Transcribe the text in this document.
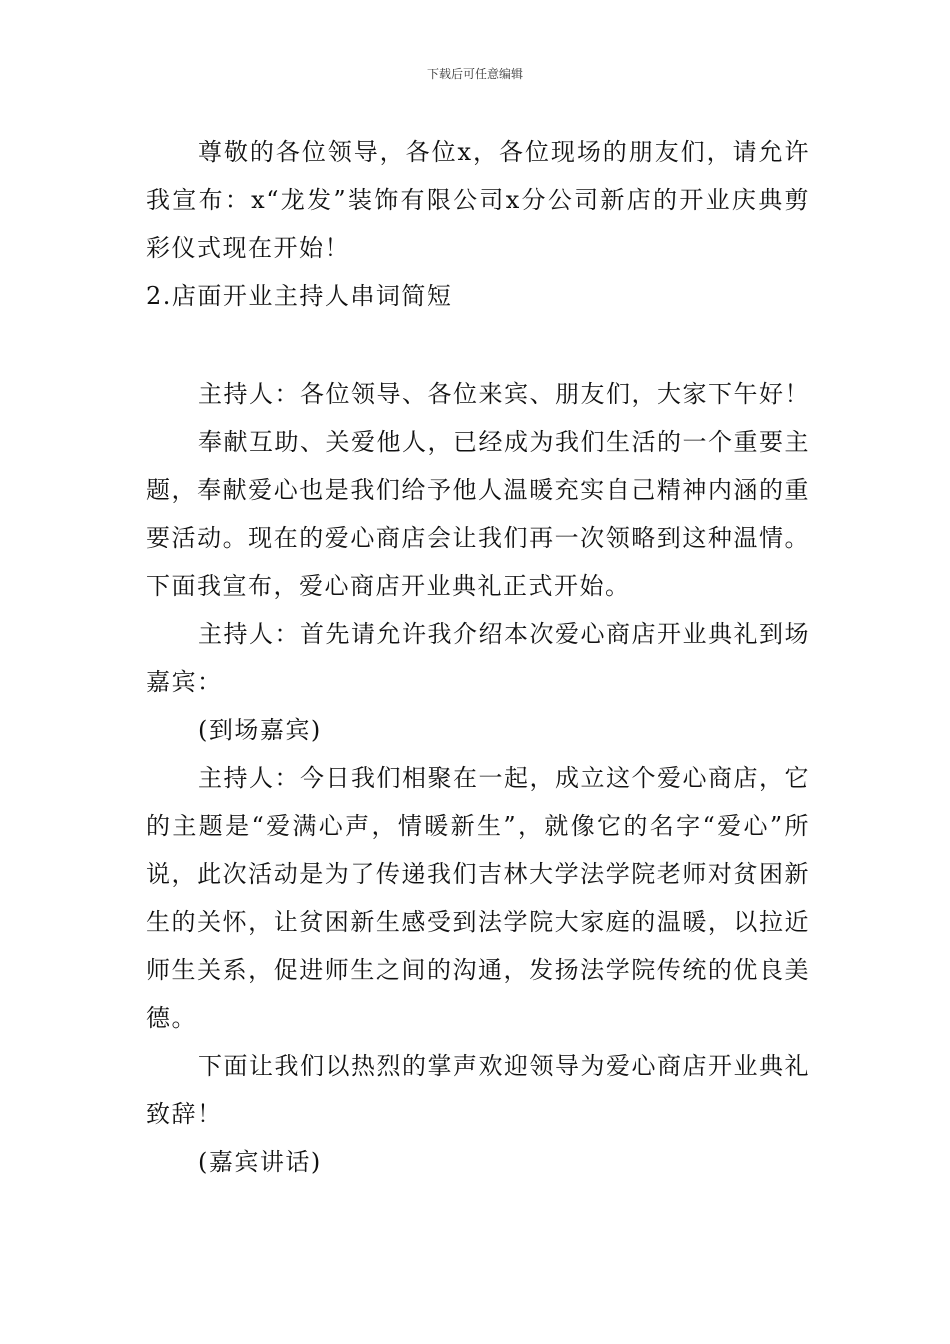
下载后可任意编辑

尊敬的各位领导，各位x，各位现场的朋友们，请允许我宣布：x“龙发”装饰有限公司x分公司新店的开业庆典剪彩仪式现在开始！

2.店面开业主持人串词简短

主持人：各位领导、各位来宾、朋友们，大家下午好！

奉献互助、关爱他人，已经成为我们生活的一个重要主题，奉献爱心也是我们给予他人温暖充实自己精神内涵的重要活动。现在的爱心商店会让我们再一次领略到这种温情。下面我宣布，爱心商店开业典礼正式开始。

主持人：首先请允许我介绍本次爱心商店开业典礼到场嘉宾：

(到场嘉宾)

主持人：今日我们相聚在一起，成立这个爱心商店，它的主题是“爱满心声，情暖新生”，就像它的名字“爱心”所说，此次活动是为了传递我们吉林大学法学院老师对贫困新生的关怀，让贫困新生感受到法学院大家庭的温暖，以拉近师生关系，促进师生之间的沟通，发扬法学院传统的优良美德。

下面让我们以热烈的掌声欢迎领导为爱心商店开业典礼致辞！

(嘉宾讲话)
